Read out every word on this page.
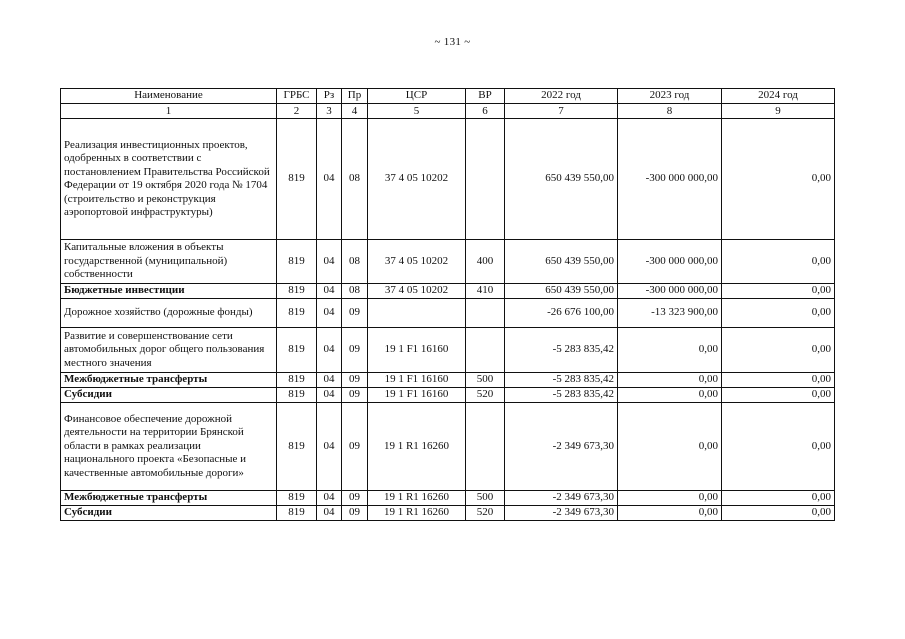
~ 131 ~
Наименование	ГРБС	Рз	Пр	ЦСР	ВР	2022 год	2023 год	2024 год
1	2	3	4	5	6	7	8	9
Реализация инвестиционных проектов, одобренных в соответствии с постановлением Правительства Российской Федерации от 19 октября 2020 года № 1704 (строительство и реконструкция аэропортовой инфраструктуры)	819	04	08	37 4 05 10202		650 439 550,00	-300 000 000,00	0,00
Капитальные вложения в объекты государственной (муниципальной) собственности	819	04	08	37 4 05 10202	400	650 439 550,00	-300 000 000,00	0,00
Бюджетные инвестиции	819	04	08	37 4 05 10202	410	650 439 550,00	-300 000 000,00	0,00
Дорожное хозяйство (дорожные фонды)	819	04	09			-26 676 100,00	-13 323 900,00	0,00
Развитие и совершенствование сети автомобильных дорог общего пользования местного значения	819	04	09	19 1 F1 16160		-5 283 835,42	0,00	0,00
Межбюджетные трансферты	819	04	09	19 1 F1 16160	500	-5 283 835,42	0,00	0,00
Субсидии	819	04	09	19 1 F1 16160	520	-5 283 835,42	0,00	0,00
Финансовое обеспечение дорожной деятельности на территории Брянской области в рамках реализации национального проекта «Безопасные и качественные автомобильные дороги»	819	04	09	19 1 R1 16260		-2 349 673,30	0,00	0,00
Межбюджетные трансферты	819	04	09	19 1 R1 16260	500	-2 349 673,30	0,00	0,00
Субсидии	819	04	09	19 1 R1 16260	520	-2 349 673,30	0,00	0,00
